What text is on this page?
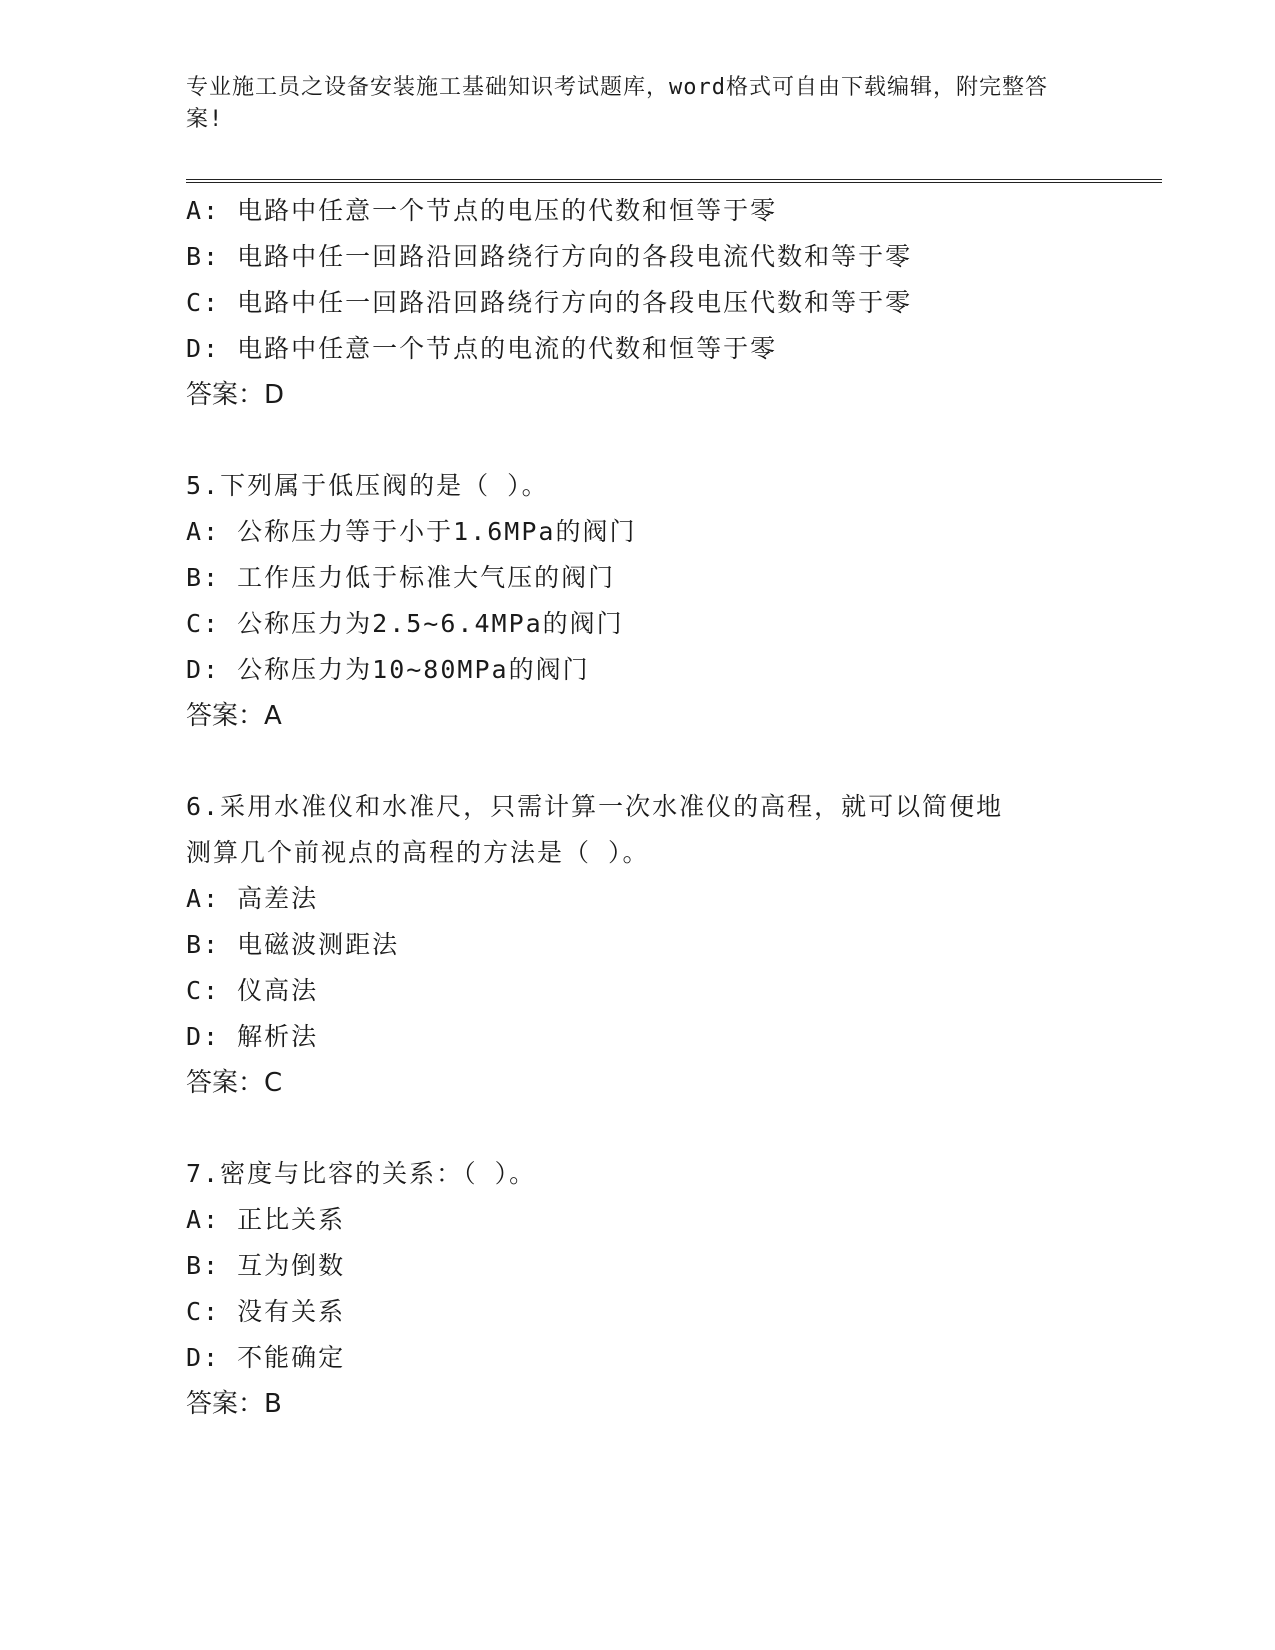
专业施工员之设备安装施工基础知识考试题库，word格式可自由下载编辑，附完整答案!
A: 电路中任意一个节点的电压的代数和恒等于零
B: 电路中任一回路沿回路绕行方向的各段电流代数和等于零
C: 电路中任一回路沿回路绕行方向的各段电压代数和等于零
D: 电路中任意一个节点的电流的代数和恒等于零
答案：D
5.下列属于低压阀的是（ ）。
A: 公称压力等于小于1.6MPa的阀门
B: 工作压力低于标准大气压的阀门
C: 公称压力为2.5~6.4MPa的阀门
D: 公称压力为10~80MPa的阀门
答案：A
6.采用水准仪和水准尺，只需计算一次水准仪的高程，就可以简便地
测算几个前视点的高程的方法是（ ）。
A: 高差法
B: 电磁波测距法
C: 仪高法
D: 解析法
答案：C
7.密度与比容的关系：（ ）。
A: 正比关系
B: 互为倒数
C: 没有关系
D: 不能确定
答案：B
